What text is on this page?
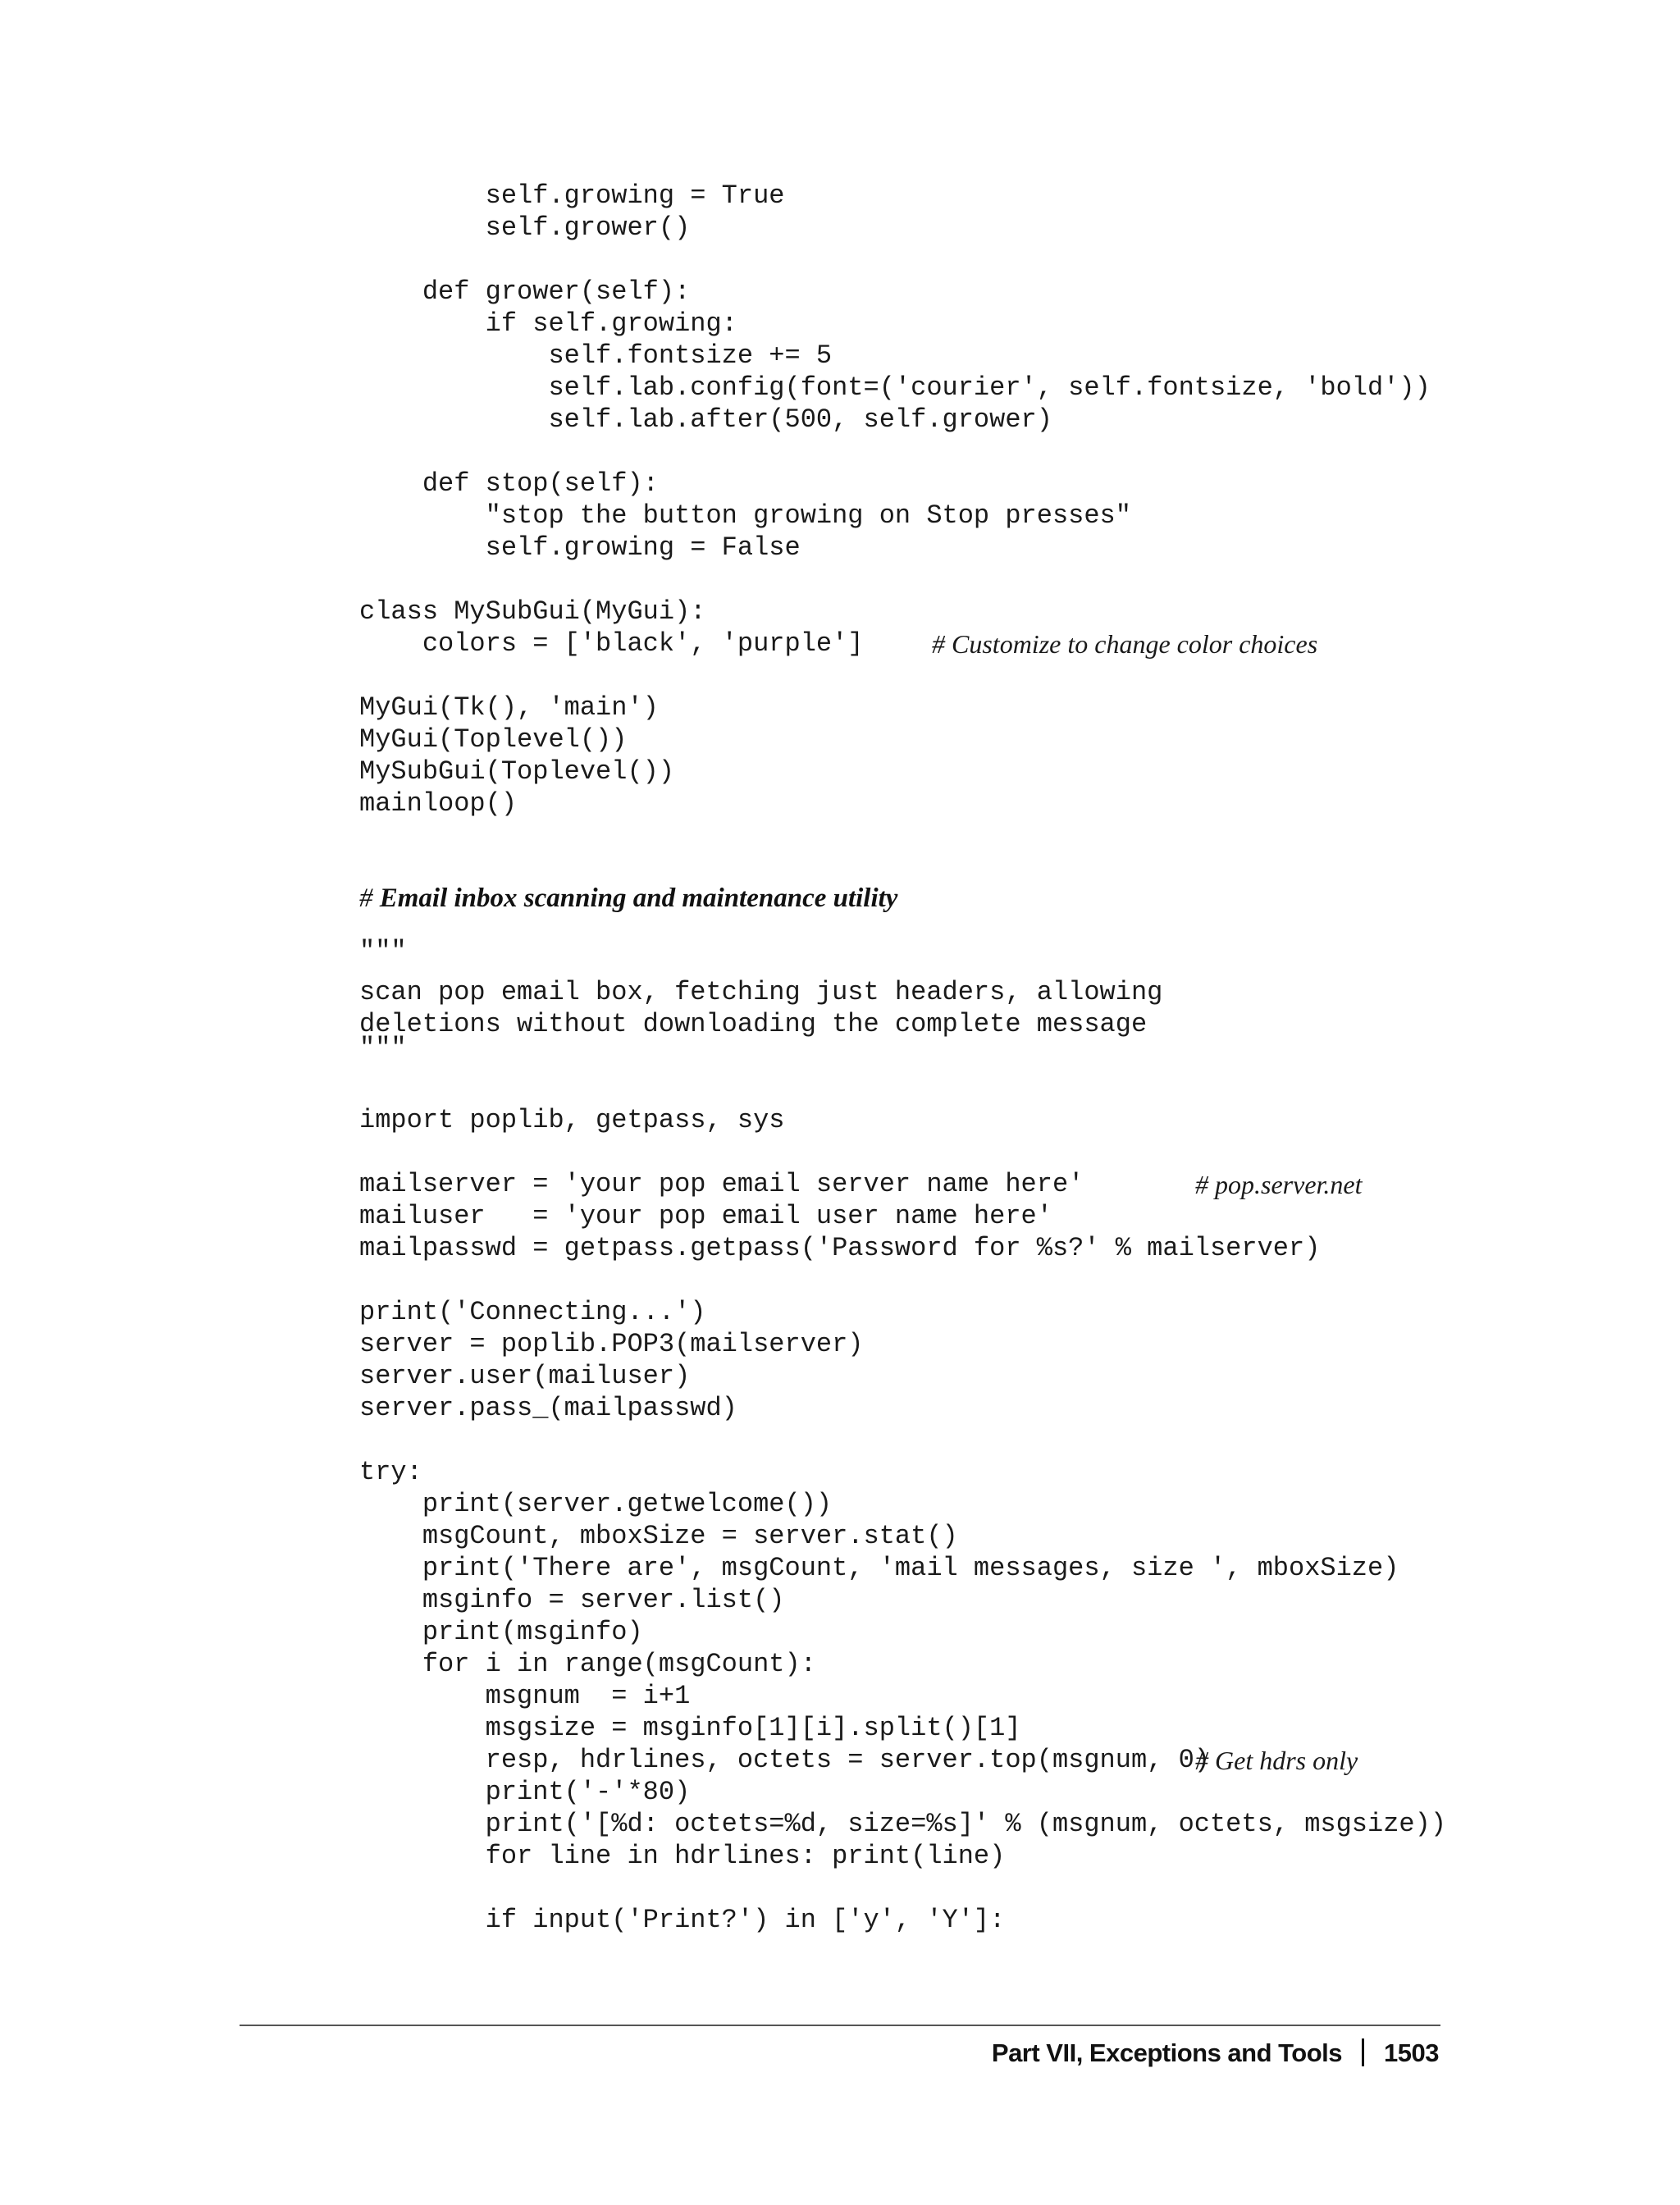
self.growing = True
self.grower()
def grower(self):
if self.growing:
self.fontsize += 5
self.lab.config(font=('courier', self.fontsize, 'bold'))
self.lab.after(500, self.grower)
def stop(self):
"stop the button growing on Stop presses"
self.growing = False
class MySubGui(MyGui):
colors = ['black', 'purple']	# Customize to change color choices
MyGui(Tk(), 'main')
MyGui(Toplevel())
MySubGui(Toplevel())
mainloop()
# Email inbox scanning and maintenance utility
"""
scan pop email box, fetching just headers, allowing
deletions without downloading the complete message
"""
import poplib, getpass, sys
mailserver = 'your pop email server name here'	# pop.server.net
mailuser   = 'your pop email user name here'
mailpasswd = getpass.getpass('Password for %s?' % mailserver)
print('Connecting...')
server = poplib.POP3(mailserver)
server.user(mailuser)
server.pass_(mailpasswd)
try:
print(server.getwelcome())
msgCount, mboxSize = server.stat()
print('There are', msgCount, 'mail messages, size ', mboxSize)
msginfo = server.list()
print(msginfo)
for i in range(msgCount):
msgnum  = i+1
msgsize = msginfo[1][i].split()[1]
resp, hdrlines, octets = server.top(msgnum, 0)
# Get hdrs only
print('-'*80)
print('[%d: octets=%d, size=%s]' % (msgnum, octets, msgsize))
for line in hdrlines: print(line)
if input('Print?') in ['y', 'Y']:
Part VII, Exceptions and Tools 1503
